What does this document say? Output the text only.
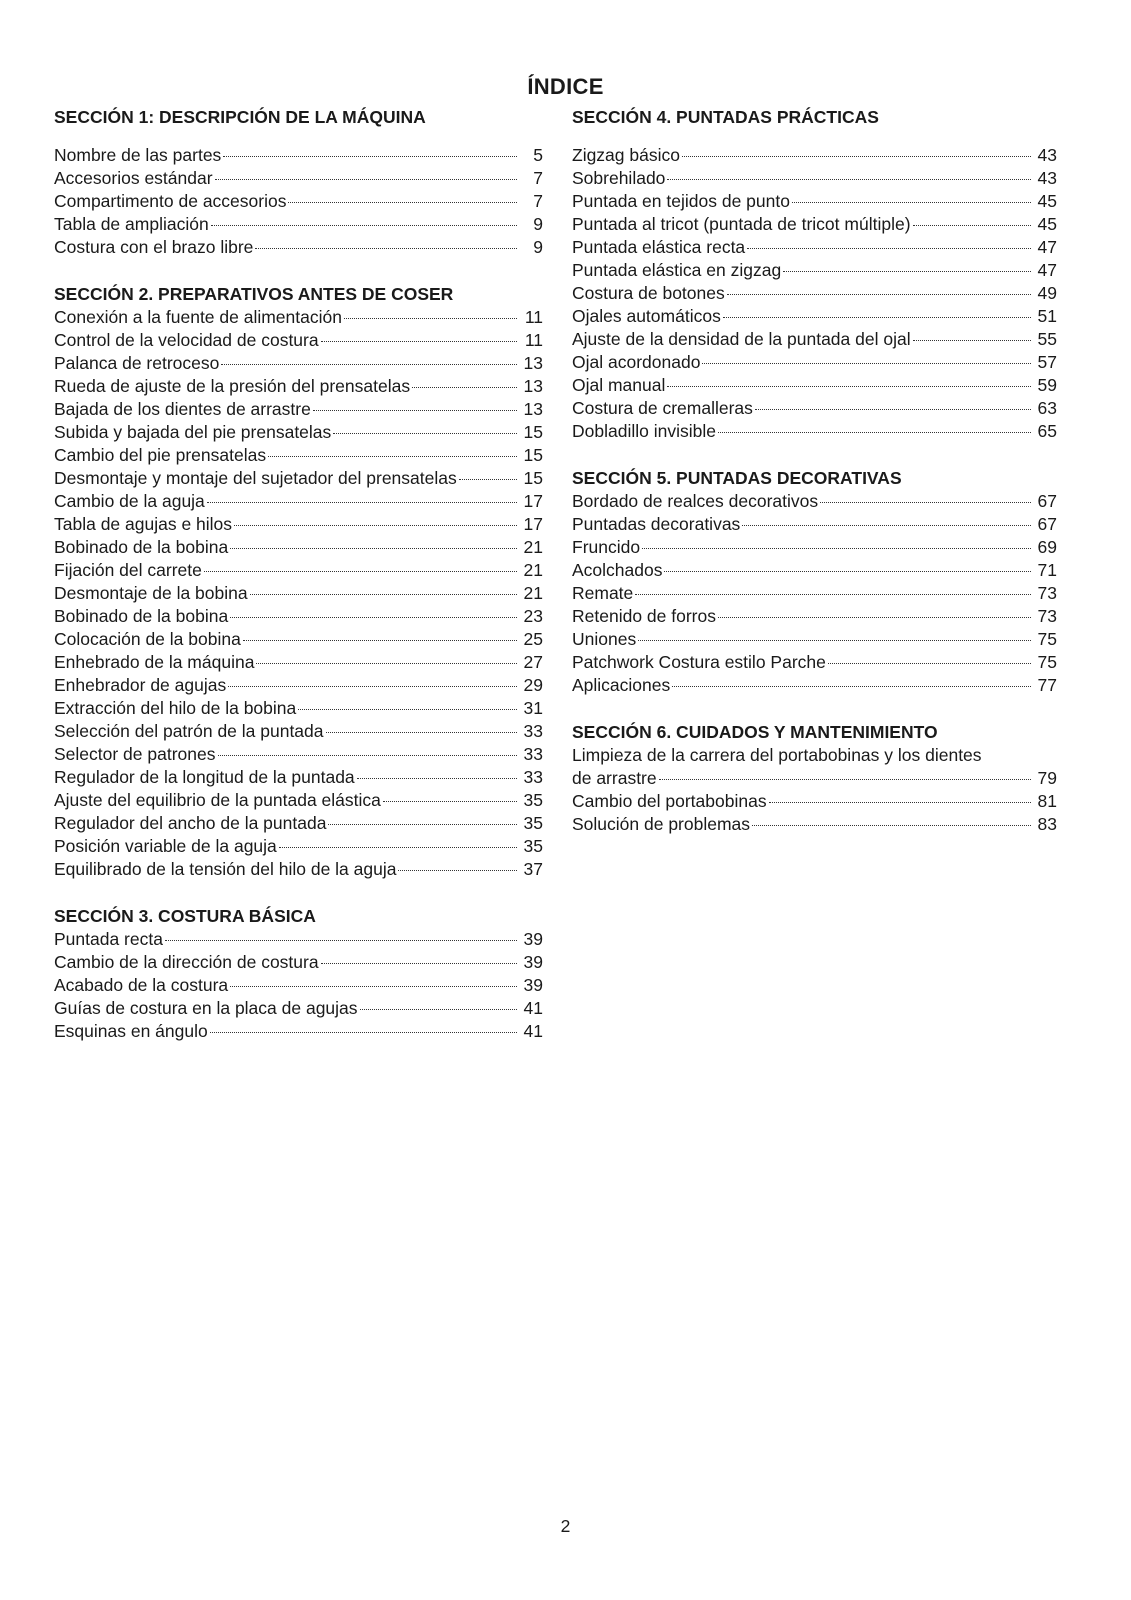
ÍNDICE
SECCIÓN 1: DESCRIPCIÓN DE LA MÁQUINA
Nombre de las partes	5
Accesorios estándar	7
Compartimento de accesorios	7
Tabla de ampliación	9
Costura con el brazo libre	9
SECCIÓN 2. PREPARATIVOS ANTES DE COSER
Conexión a la fuente de alimentación	11
Control de la velocidad de costura	11
Palanca de retroceso	13
Rueda de ajuste de la presión del prensatelas	13
Bajada de los dientes de arrastre	13
Subida y bajada del pie prensatelas	15
Cambio del pie prensatelas	15
Desmontaje y montaje del sujetador del prensatelas	15
Cambio de la aguja	17
Tabla de agujas e hilos	17
Bobinado de la bobina	21
Fijación del carrete	21
Desmontaje de la bobina	21
Bobinado de la bobina	23
Colocación de la bobina	25
Enhebrado de la máquina	27
Enhebrador de agujas	29
Extracción del hilo de la bobina	31
Selección del patrón de la puntada	33
Selector de patrones	33
Regulador de la longitud de la puntada	33
Ajuste del equilibrio de la puntada elástica	35
Regulador del ancho de la puntada	35
Posición variable de la aguja	35
Equilibrado de la tensión del hilo de la aguja	37
SECCIÓN 3. COSTURA BÁSICA
Puntada recta	39
Cambio de la dirección de costura	39
Acabado de la costura	39
Guías de costura en la placa de agujas	41
Esquinas en ángulo	41
SECCIÓN 4. PUNTADAS PRÁCTICAS
Zigzag básico	43
Sobrehilado	43
Puntada en tejidos de punto	45
Puntada al tricot (puntada de tricot múltiple)	45
Puntada elástica recta	47
Puntada elástica en zigzag	47
Costura de botones	49
Ojales automáticos	51
Ajuste de la densidad de la puntada del ojal	55
Ojal acordonado	57
Ojal manual	59
Costura de cremalleras	63
Dobladillo invisible	65
SECCIÓN 5. PUNTADAS DECORATIVAS
Bordado de realces decorativos	67
Puntadas decorativas	67
Fruncido	69
Acolchados	71
Remate	73
Retenido de forros	73
Uniones	75
Patchwork Costura estilo Parche	75
Aplicaciones	77
SECCIÓN 6. CUIDADOS Y MANTENIMIENTO
Limpieza de la carrera del portabobinas y los dientes
de arrastre	79
Cambio del portabobinas	81
Solución de problemas	83
2
